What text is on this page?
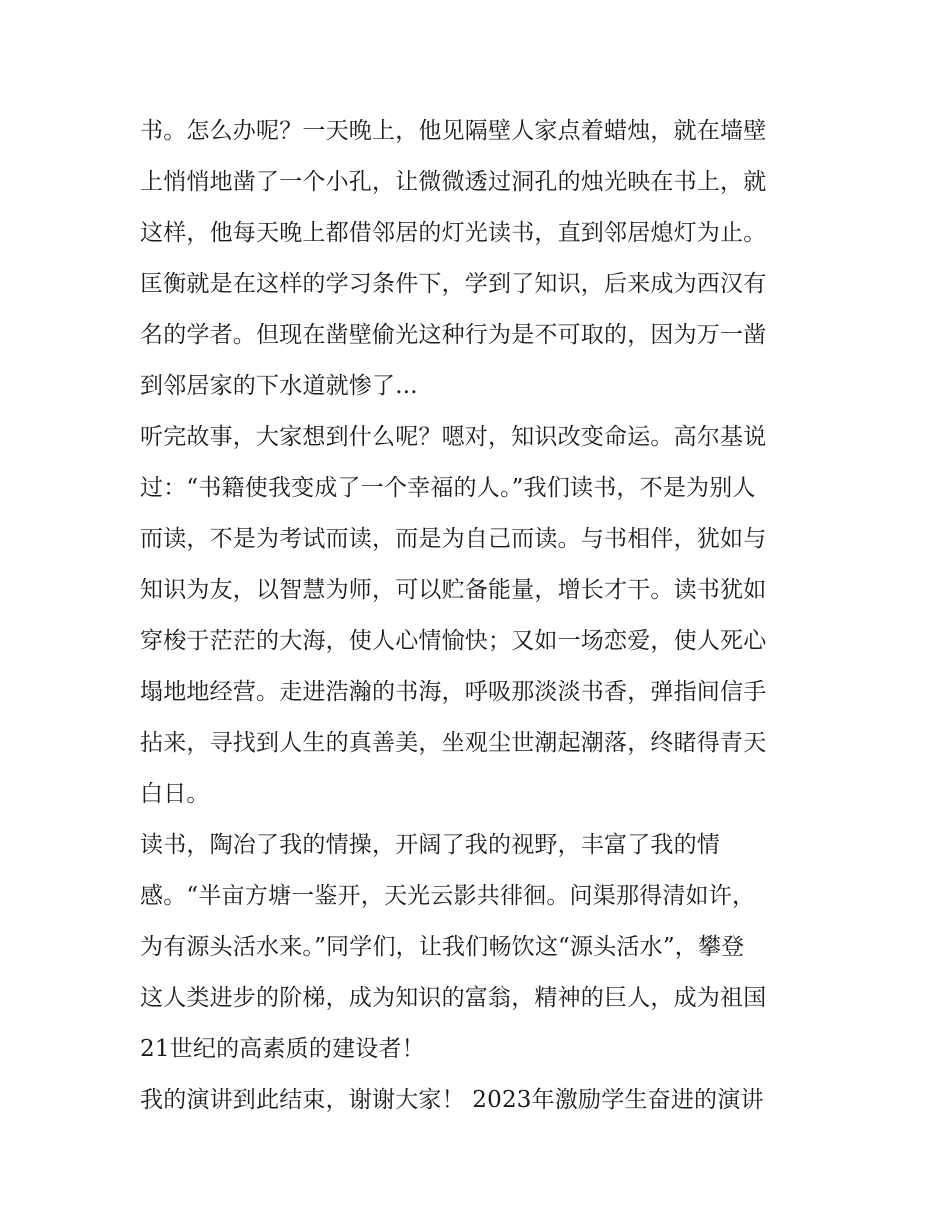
书。怎么办呢？一天晚上，他见隔壁人家点着蜡烛，就在墙壁
上悄悄地凿了一个小孔，让微微透过洞孔的烛光映在书上，就
这样，他每天晚上都借邻居的灯光读书，直到邻居熄灯为止。
匡衡就是在这样的学习条件下，学到了知识，后来成为西汉有
名的学者。但现在凿壁偷光这种行为是不可取的，因为万一凿
到邻居家的下水道就惨了...
听完故事，大家想到什么呢？嗯对，知识改变命运。高尔基说
过：“书籍使我变成了一个幸福的人。”我们读书，不是为别人
而读，不是为考试而读，而是为自己而读。与书相伴，犹如与
知识为友，以智慧为师，可以贮备能量，增长才干。读书犹如
穿梭于茫茫的大海，使人心情愉快；又如一场恋爱，使人死心
塌地地经营。走进浩瀚的书海，呼吸那淡淡书香，弹指间信手
拈来，寻找到人生的真善美，坐观尘世潮起潮落，终睹得青天
白日。
读书，陶冶了我的情操，开阔了我的视野，丰富了我的情
感。“半亩方塘一鉴开，天光云影共徘徊。问渠那得清如许，
为有源头活水来。”同学们，让我们畅饮这“源头活水”，攀登
这人类进步的阶梯，成为知识的富翁，精神的巨人，成为祖国
21世纪的高素质的建设者！
我的演讲到此结束，谢谢大家！ 2023年激励学生奋进的演讲
